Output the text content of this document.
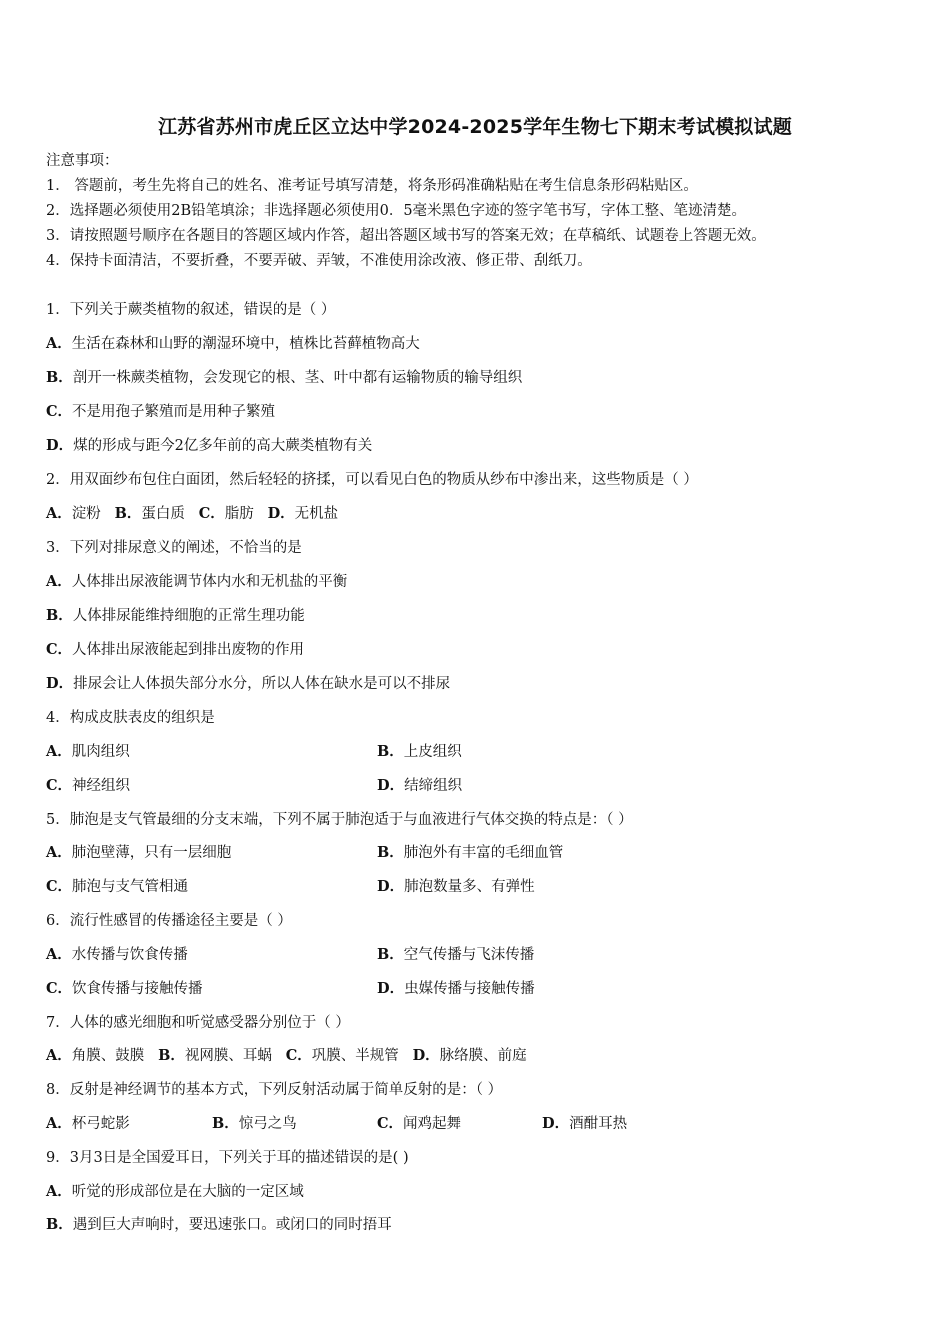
江苏省苏州市虎丘区立达中学2024-2025学年生物七下期末考试模拟试题
注意事项：
1． 答题前，考生先将自己的姓名、准考证号填写清楚，将条形码准确粘贴在考生信息条形码粘贴区。
2．选择题必须使用2B铅笔填涂；非选择题必须使用0．5毫米黑色字迹的签字笔书写，字体工整、笔迹清楚。
3．请按照题号顺序在各题目的答题区域内作答，超出答题区域书写的答案无效；在草稿纸、试题卷上答题无效。
4．保持卡面清洁，不要折叠，不要弄破、弄皱，不准使用涂改液、修正带、刮纸刀。
1．下列关于蕨类植物的叙述，错误的是（ ）
A．生活在森林和山野的潮湿环境中，植株比苔藓植物高大
B．剖开一株蕨类植物，会发现它的根、茎、叶中都有运输物质的输导组织
C．不是用孢子繁殖而是用种子繁殖
D．煤的形成与距今2亿多年前的高大蕨类植物有关
2．用双面纱布包住白面团，然后轻轻的挤揉，可以看见白色的物质从纱布中渗出来，这些物质是（ ）
A．淀粉 B．蛋白质 C．脂肪 D．无机盐
3．下列对排尿意义的阐述，不恰当的是
A．人体排出尿液能调节体内水和无机盐的平衡
B．人体排尿能维持细胞的正常生理功能
C．人体排出尿液能起到排出废物的作用
D．排尿会让人体损失部分水分，所以人体在缺水是可以不排尿
4．构成皮肤表皮的组织是
A．肌肉组织	B．上皮组织
C．神经组织	D．结缔组织
5．肺泡是支气管最细的分支末端，下列不属于肺泡适于与血液进行气体交换的特点是：（ ）
A．肺泡壁薄，只有一层细胞	B．肺泡外有丰富的毛细血管
C．肺泡与支气管相通	D．肺泡数量多、有弹性
6．流行性感冒的传播途径主要是（ ）
A．水传播与饮食传播	B．空气传播与飞沫传播
C．饮食传播与接触传播	D．虫媒传播与接触传播
7．人体的感光细胞和听觉感受器分别位于（ ）
A．角膜、鼓膜 B．视网膜、耳蜗 C．巩膜、半规管 D．脉络膜、前庭
8．反射是神经调节的基本方式，下列反射活动属于简单反射的是：（ ）
A．杯弓蛇影	B．惊弓之鸟	C．闻鸡起舞	D．酒酣耳热
9．3月3日是全国爱耳日，下列关于耳的描述错误的是( )
A．听觉的形成部位是在大脑的一定区域
B．遇到巨大声响时，要迅速张口。或闭口的同时捂耳
